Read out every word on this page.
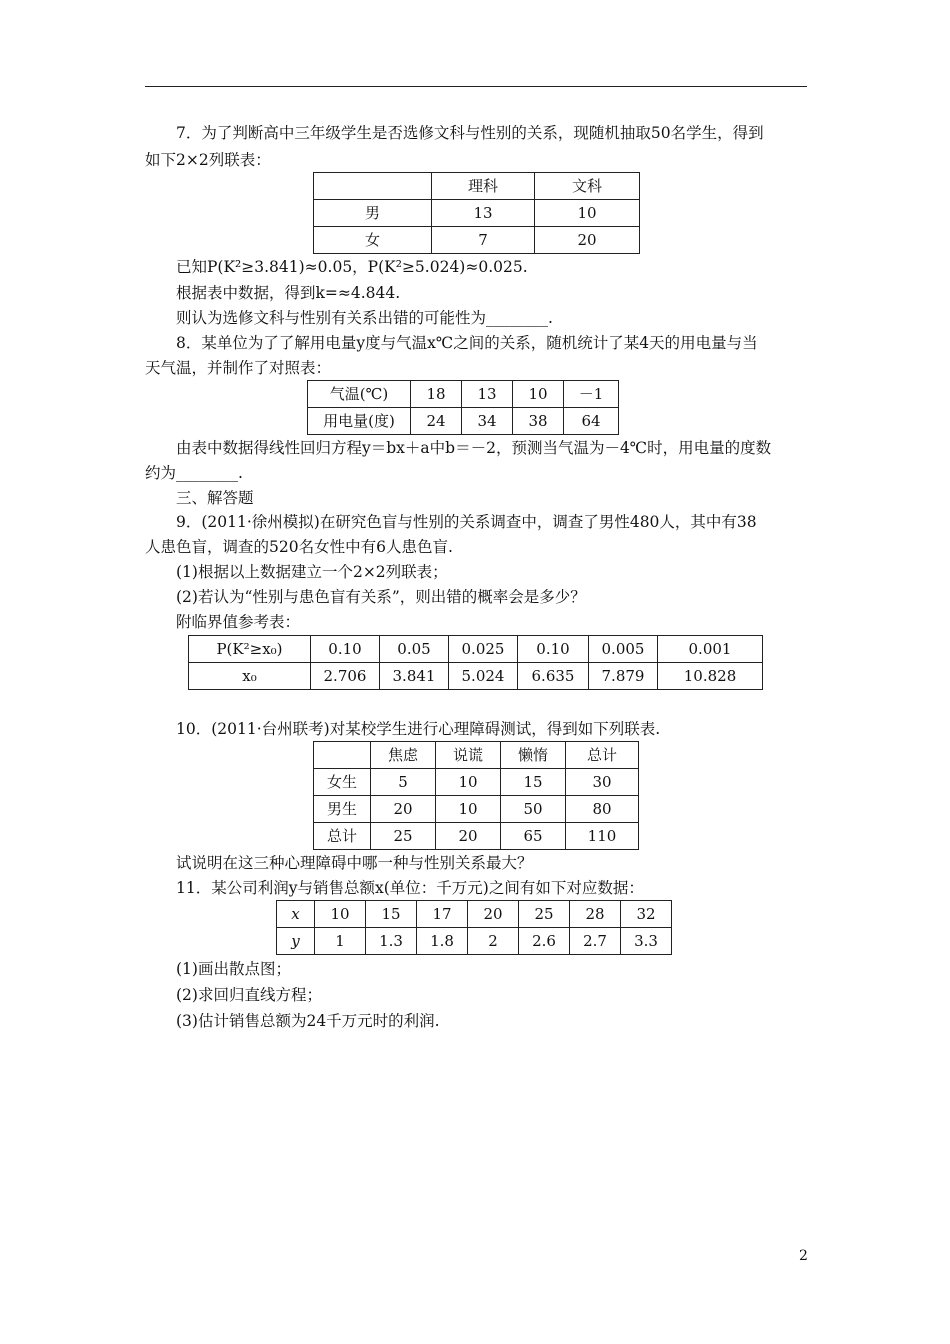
7．为了判断高中三年级学生是否选修文科与性别的关系，现随机抽取50名学生，得到
如下2×2列联表：
	理科	文科
男	13	10
女	7	20
已知P(K²≥3.841)≈0.05，P(K²≥5.024)≈0.025.
根据表中数据，得到k=≈4.844.
则认为选修文科与性别有关系出错的可能性为________.
8．某单位为了了解用电量y度与气温x℃之间的关系，随机统计了某4天的用电量与当
天气温，并制作了对照表：
气温(℃)	18	13	10	－1
用电量(度)	24	34	38	64
由表中数据得线性回归方程y＝bx＋a中b＝－2，预测当气温为－4℃时，用电量的度数
约为________.
三、解答题
9．(2011·徐州模拟)在研究色盲与性别的关系调查中，调查了男性480人，其中有38
人患色盲，调查的520名女性中有6人患色盲.
(1)根据以上数据建立一个2×2列联表；
(2)若认为“性别与患色盲有关系”，则出错的概率会是多少？
附临界值参考表：
P(K²≥x₀)	0.10	0.05	0.025	0.10	0.005	0.001
x₀	2.706	3.841	5.024	6.635	7.879	10.828
10．(2011·台州联考)对某校学生进行心理障碍测试，得到如下列联表.
	焦虑	说谎	懒惰	总计
女生	5	10	15	30
男生	20	10	50	80
总计	25	20	65	110
试说明在这三种心理障碍中哪一种与性别关系最大？
11．某公司利润y与销售总额x(单位：千万元)之间有如下对应数据：
x	10	15	17	20	25	28	32
y	1	1.3	1.8	2	2.6	2.7	3.3
(1)画出散点图；
(2)求回归直线方程；
(3)估计销售总额为24千万元时的利润.
2
